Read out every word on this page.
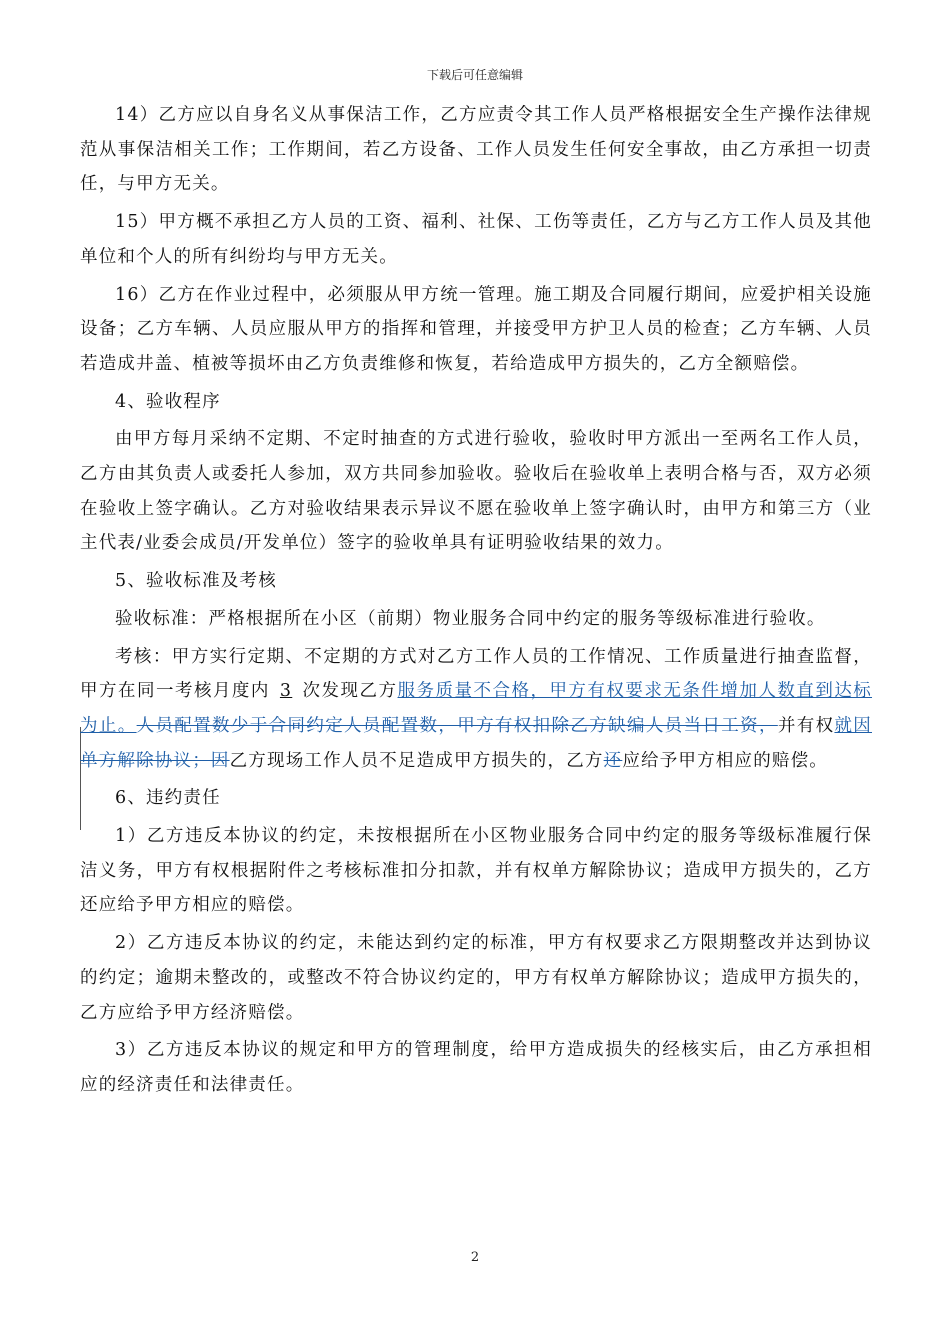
下载后可任意编辑

14）乙方应以自身名义从事保洁工作，乙方应责令其工作人员严格根据安全生产操作法律规范从事保洁相关工作；工作期间，若乙方设备、工作人员发生任何安全事故，由乙方承担一切责任，与甲方无关。

15）甲方概不承担乙方人员的工资、福利、社保、工伤等责任，乙方与乙方工作人员及其他单位和个人的所有纠纷均与甲方无关。

16）乙方在作业过程中，必须服从甲方统一管理。施工期及合同履行期间，应爱护相关设施设备；乙方车辆、人员应服从甲方的指挥和管理，并接受甲方护卫人员的检查；乙方车辆、人员若造成井盖、植被等损坏由乙方负责维修和恢复，若给造成甲方损失的，乙方全额赔偿。

4、验收程序

由甲方每月采纳不定期、不定时抽查的方式进行验收，验收时甲方派出一至两名工作人员，乙方由其负责人或委托人参加，双方共同参加验收。验收后在验收单上表明合格与否，双方必须在验收上签字确认。乙方对验收结果表示异议不愿在验收单上签字确认时，由甲方和第三方（业主代表/业委会成员/开发单位）签字的验收单具有证明验收结果的效力。

5、验收标准及考核

验收标准：严格根据所在小区（前期）物业服务合同中约定的服务等级标准进行验收。

考核：甲方实行定期、不定期的方式对乙方工作人员的工作情况、工作质量进行抽查监督，甲方在同一考核月度内 3 次发现乙方服务质量不合格，甲方有权要求无条件增加人数直到达标为止。人员配置数少于合同约定人员配置数，甲方有权扣除乙方缺编人员当日工资，并有权就因单方解除协议；因乙方现场工作人员不足造成甲方损失的，乙方还应给予甲方相应的赔偿。

6、违约责任

1）乙方违反本协议的约定，未按根据所在小区物业服务合同中约定的服务等级标准履行保洁义务，甲方有权根据附件之考核标准扣分扣款，并有权单方解除协议；造成甲方损失的，乙方还应给予甲方相应的赔偿。

2）乙方违反本协议的约定，未能达到约定的标准，甲方有权要求乙方限期整改并达到协议的约定；逾期未整改的，或整改不符合协议约定的，甲方有权单方解除协议；造成甲方损失的，乙方应给予甲方经济赔偿。

3）乙方违反本协议的规定和甲方的管理制度，给甲方造成损失的经核实后，由乙方承担相应的经济责任和法律责任。

2
